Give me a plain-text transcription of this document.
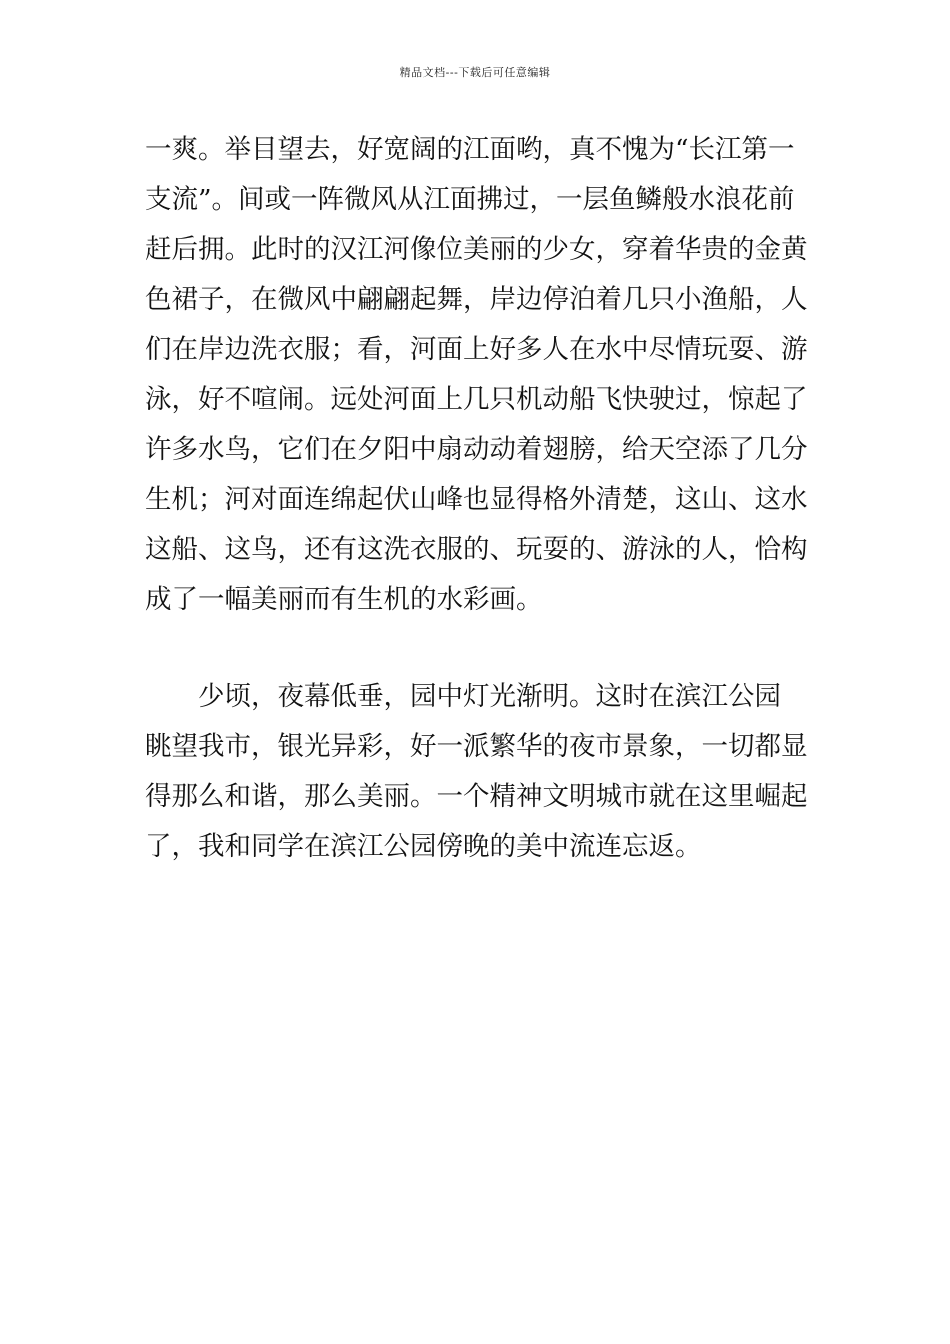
精品文档---下载后可任意编辑
一爽。举目望去，好宽阔的江面哟，真不愧为“长江第一
支流”。间或一阵微风从江面拂过，一层鱼鳞般水浪花前
赶后拥。此时的汉江河像位美丽的少女，穿着华贵的金黄
色裙子，在微风中翩翩起舞，岸边停泊着几只小渔船，人
们在岸边洗衣服；看，河面上好多人在水中尽情玩耍、游
泳，好不喧闹。远处河面上几只机动船飞快驶过，惊起了
许多水鸟，它们在夕阳中扇动动着翅膀，给天空添了几分
生机；河对面连绵起伏山峰也显得格外清楚，这山、这水
这船、这鸟，还有这洗衣服的、玩耍的、游泳的人，恰构
成了一幅美丽而有生机的水彩画。
　　少顷，夜幕低垂，园中灯光渐明。这时在滨江公园
眺望我市，银光异彩，好一派繁华的夜市景象，一切都显
得那么和谐，那么美丽。一个精神文明城市就在这里崛起
了，我和同学在滨江公园傍晚的美中流连忘返。
